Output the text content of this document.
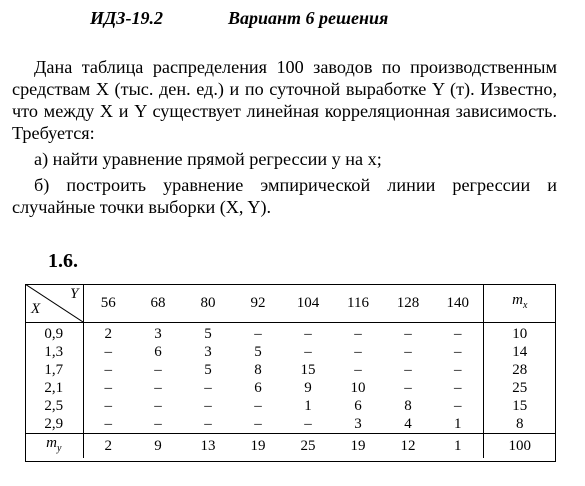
ИДЗ-19.2	Вариант 6 решения

Дана таблица распределения 100 заводов по производственным средствам X (тыс. ден. ед.) и по суточной выработке Y (т). Известно, что между X и Y существует линейная корреляционная зависимость. Требуется:

а) найти уравнение прямой регрессии y на x;

б) построить уравнение эмпирической линии регрессии и случайные точки выборки (X, Y).

1.6.
Y
X	56	68	80	92	104	116	128	140	$m_x$
0,9	2	3	5	–	–	–	–	–	10
1,3	–	6	3	5	–	–	–	–	14
1,7	–	–	5	8	15	–	–	–	28
2,1	–	–	–	6	9	10	–	–	25
2,5	–	–	–	–	1	6	8	–	15
2,9	–	–	–	–	–	3	4	1	8
$m_y$	2	9	13	19	25	19	12	1	100
